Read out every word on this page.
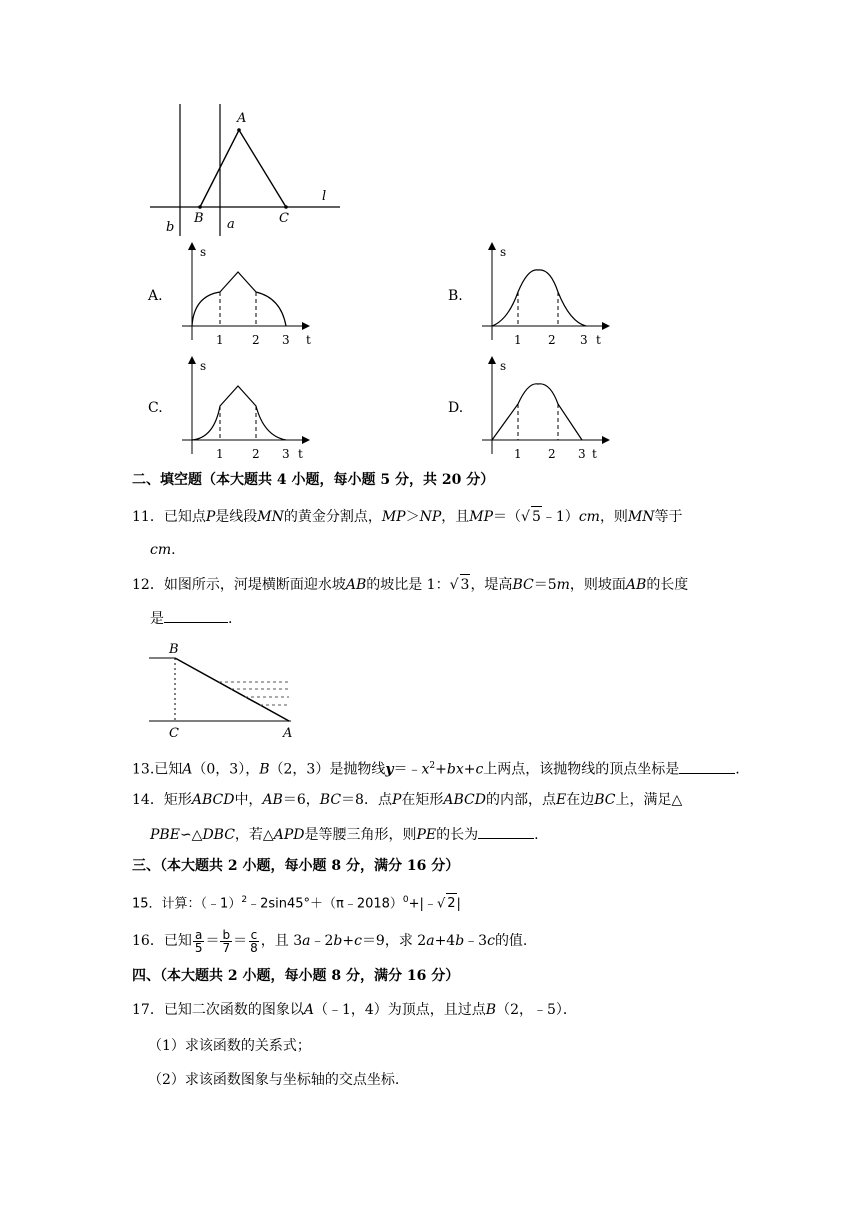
A
B	C
a
b
l
A.
s
t
1 2 3
B.
s
t
1 2 3
C.
s
t
1 2 3
D.
s
t
1 2 3
二、填空题（本大题共 4 小题，每小题 5 分，共 20 分）
11．已知点P是线段MN的黄金分割点，MP＞NP，且MP＝（√ 5﹣1）cm，则MN等于
cm.
12．如图所示，河堤横断面迎水坡AB的坡比是 1：√ 3，堤高BC＝5m，则坡面AB的长度
是	.
B
C	A
13.已知A（0，3），B（2，3）是抛物线$y=﹣x^2+bx+c$上两点，该抛物线的顶点坐标是	.
14．矩形ABCD中，AB＝6，BC＝8．点P在矩形ABCD的内部，点E在边BC上，满足△
PBE∽△DBC，若△APD是等腰三角形，则PE的长为	.
三、（本大题共 2 小题，每小题 8 分，满分 16 分）
15．计算：（﹣1）$^2$﹣2sin45°＋（π﹣2018）$^0$+|﹣√ 2|
16．已知 $\frac{a}{5} = \frac{b}{7} = \frac{c}{8}$ ，且 3a﹣2b+c＝9，求 2a+4b﹣3c的值.
四、（本大题共 2 小题，每小题 8 分，满分 16 分）
17．已知二次函数的图象以A（﹣1，4）为顶点，且过点B（2，﹣5）．
（1）求该函数的关系式；
（2）求该函数图象与坐标轴的交点坐标.
